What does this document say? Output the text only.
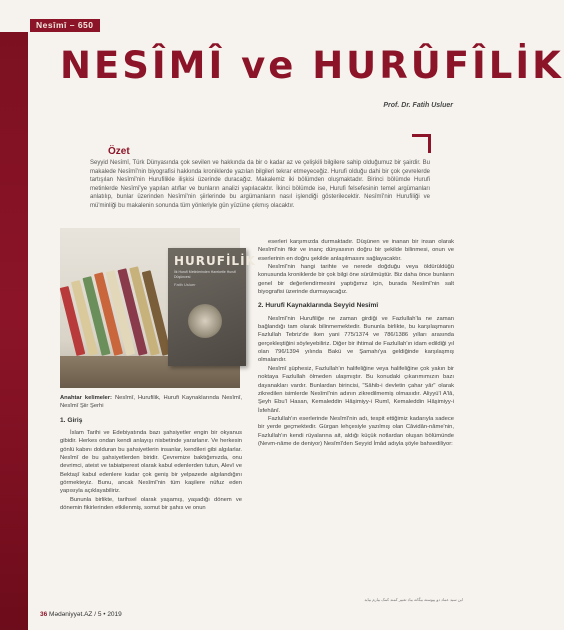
Nesîmî – 650
NESÎMÎ ve HURÛFÎLİK
Prof. Dr. Fatih Usluer
Özet

Seyyid Nesîmî, Türk Dünyasında çok sevilen ve hakkında da bir o kadar az ve çelişkili bilgilere sahip olduğumuz bir şairdir. Bu makalede Nesîmî'nin biyografisi hakkında kroniklerde yazılan bilgileri tekrar etmeyeceğiz. Hurufi olduğu dahi bir çok çevrelerde tartışılan Nesîmî'nin Hurufilikle ilişkisi üzerinde duracağız. Makalemiz iki bölümden oluşmaktadır. Birinci bölümde Hurufi metinlerde Nesîmî'ye yapılan atıflar ve bunların analizi yapılacaktır. İkinci bölümde ise, Hurufi felsefesinin temel argümanları anlatılıp, bunlar üzerinden Nesîmî'nin şiirlerinde bu argümanların nasıl işlendiği gösterilecektir. Nesîmî'nin Hurufiliği ve mü'minliği bu makalenin sonunda tüm yönleriyle gün yüzüne çıkmış olacaktır.

HURUFİLİK
İlk Hurufi Metinlerinden Hareketle Hurufi Düşüncesi
Fatih Usluer

Anahtar kelimeler: Nesîmî, Hurufilik, Hurufi Kaynaklarında Nesîmî, Nesîmî Şiir Şerhi

1. Giriş

İslam Tarihi ve Edebiyatında bazı şahsiyetler engin bir okyanus gibidir. Herkes ondan kendi anlayışı nisbetinde yararlanır. Ve herkesin gönlü kabını dolduran bu şahsiyetlerin insanlar, kendileri gibi algılarlar. Nesîmî de bu şahsiyetlerden biridir. Çevremize baktığımızda, onu devrimci, ateist ve tabiatperest olarak kabul edenlerden tutun, Alevî ve Bektaşî kabul edenlere kadar çok geniş bir yelpazede algılandığını görmekteyiz. Bunu, ancak Nesîmî'nin tüm kaşilere nüfuz eden yapısıyla açıklayabiliriz.

Bununla birlikte, tarihsel olarak yaşamış, yaşadığı dönem ve dönemin fikirlerinden etkilenmiş, somut bir şahıs ve onun

eserleri karşımızda durmaktadır. Düşünen ve inanan bir insan olarak Nesîmî'nin fikir ve inanç dünyasının doğru bir şekilde bilinmesi, onun ve eserlerinin en doğru şekilde anlaşılmasını sağlayacaktır.

Nesîmî'nin hangi tarihte ve nerede doğduğu veya öldürüldüğü konusunda kroniklerde bir çok bilgi öne sürülmüştür. Biz daha önce bunların genel bir değerlendirmesini yaptığımız için, burada Nesîmî'nin salt biyografisi üzerinde durmayacağız.

2. Hurufî Kaynaklarında Seyyid Nesîmî

Nesîmî'nin Hurufiliğe ne zaman girdiği ve Fazlullah'la ne zaman bağlandığı tam olarak bilinmemektedir. Bununla birlikte, bu karşılaşmanın Fazlullah Tebriz'de iken yani 775/1374 ve 786/1386 yılları arasında gerçekleştiğini söyleyebiliriz. Diğer bir ihtimal de Fazlullah'ın idam edildiği yıl olan 796/1394 yılında Bakü ve Şamahı'ya geldiğinde karşılaşmış olmalarıdır.

Nesîmî şüphesiz, Fazlullah'ın halifeliğine veya halifeliğine çok yakın bir noktaya Fazlullah ölmeden ulaşmıştır. Bu konudaki çıkarımımızın bazı dayanakları vardır. Bunlardan birincisi, "Sâhib-i devletin çahar yâr" olarak zikredilen isimlerde Nesîmî'nin adının zikredilmemiş olmasıdır. Aliyyü'l A'lâ, Şeyh Ebu'l Hasan, Kemaleddin Hâşimiyy-i Rumî, Kemaleddin Hâşimiyy-i İsfehânî.

Fazlullah'ın eserlerinde Nesîmî'nin adı, tespit ettiğimiz kadarıyla sadece bir yerde geçmektedir. Gürgan lehçesiyle yazılmış olan Câvidân-nâme'nin, Fazlullah'ın kendi rüyalarına ait, aldığı küçük notlardan oluşan bölümünde (Nevm-nâme de deniyor) Nesîmî'den Seyyid İmâd adıyla şöyle bahsediliyor:

ابن سید عماد دو پیوسته بیگانه بیاد تعبیر کمند کمک بیارم بیاید
36 Mədəniyyət.AZ / 5 • 2019
